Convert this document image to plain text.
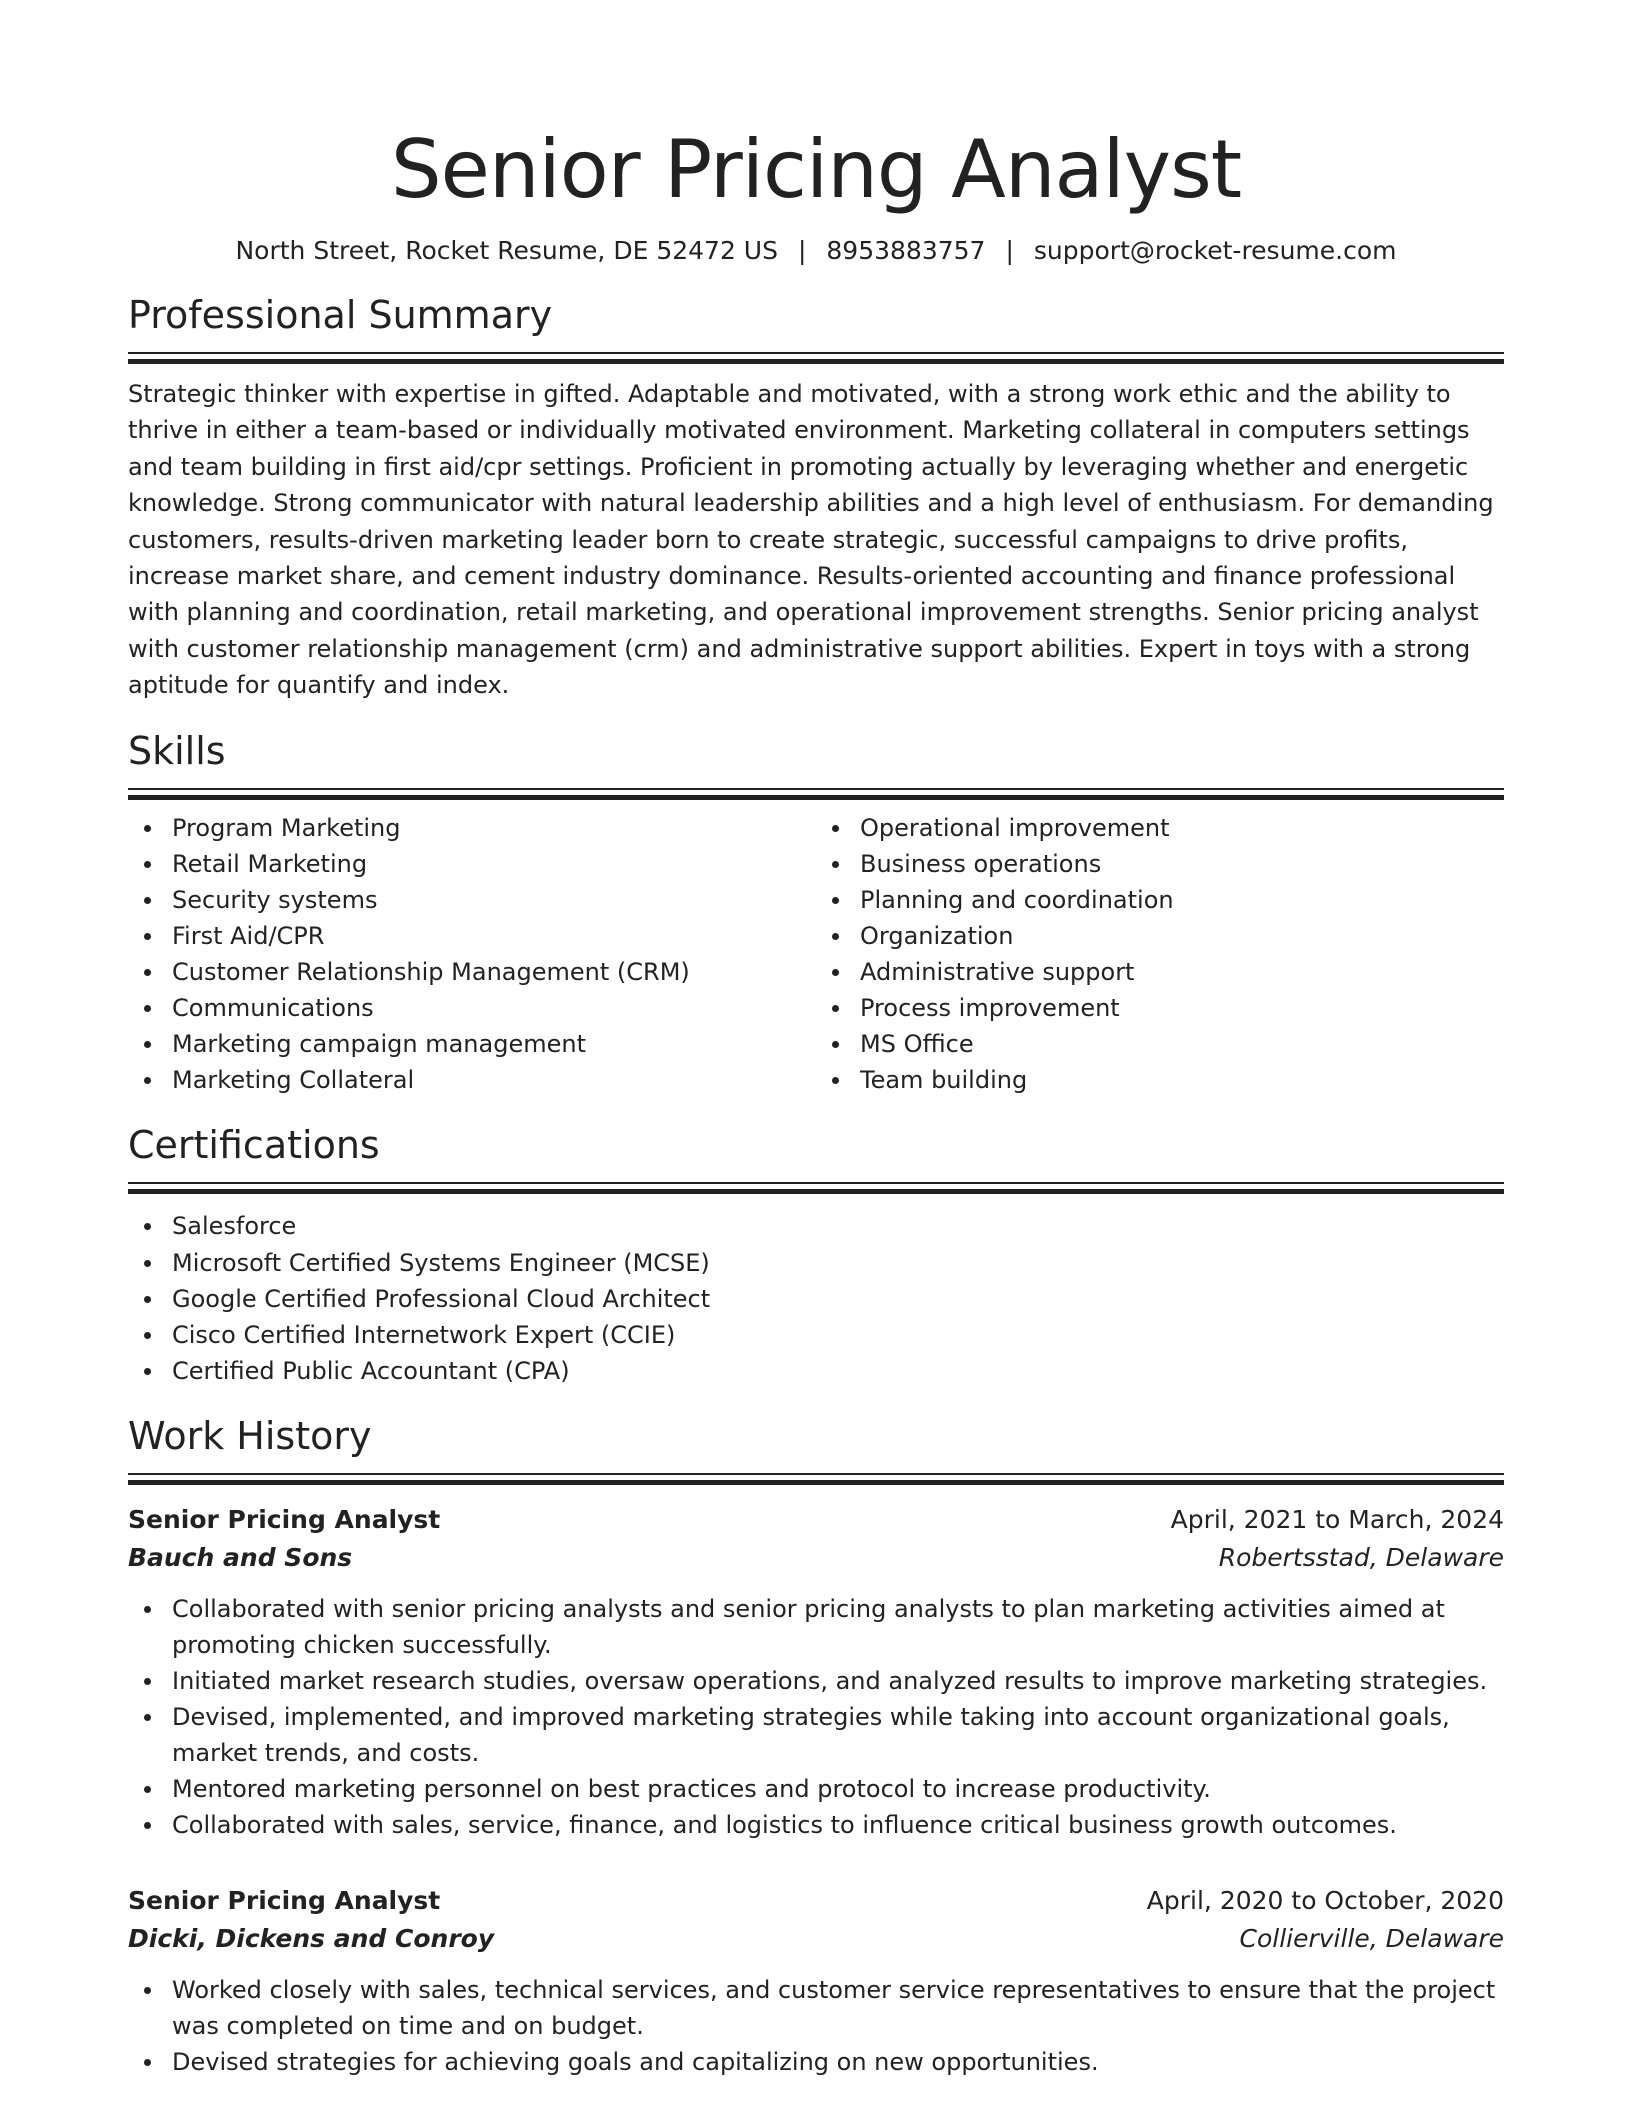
Senior Pricing Analyst
North Street, Rocket Resume, DE 52472 US | 8953883757 | support@rocket-resume.com
Professional Summary

Strategic thinker with expertise in gifted. Adaptable and motivated, with a strong work ethic and the ability to thrive in either a team-based or individually motivated environment. Marketing collateral in computers settings and team building in first aid/cpr settings. Proficient in promoting actually by leveraging whether and energetic knowledge. Strong communicator with natural leadership abilities and a high level of enthusiasm. For demanding customers, results-driven marketing leader born to create strategic, successful campaigns to drive profits, increase market share, and cement industry dominance. Results-oriented accounting and finance professional with planning and coordination, retail marketing, and operational improvement strengths. Senior pricing analyst with customer relationship management (crm) and administrative support abilities. Expert in toys with a strong aptitude for quantify and index.

Skills
Program Marketing
Retail Marketing
Security systems
First Aid/CPR
Customer Relationship Management (CRM)
Communications
Marketing campaign management
Marketing Collateral
Operational improvement
Business operations
Planning and coordination
Organization
Administrative support
Process improvement
MS Office
Team building
Certifications
Salesforce
Microsoft Certified Systems Engineer (MCSE)
Google Certified Professional Cloud Architect
Cisco Certified Internetwork Expert (CCIE)
Certified Public Accountant (CPA)
Work History
Senior Pricing Analyst	April, 2021 to March, 2024
Bauch and Sons	Robertsstad, Delaware
Collaborated with senior pricing analysts and senior pricing analysts to plan marketing activities aimed at promoting chicken successfully.
Initiated market research studies, oversaw operations, and analyzed results to improve marketing strategies.
Devised, implemented, and improved marketing strategies while taking into account organizational goals, market trends, and costs.
Mentored marketing personnel on best practices and protocol to increase productivity.
Collaborated with sales, service, finance, and logistics to influence critical business growth outcomes.
Senior Pricing Analyst	April, 2020 to October, 2020
Dicki, Dickens and Conroy	Collierville, Delaware
Worked closely with sales, technical services, and customer service representatives to ensure that the project was completed on time and on budget.
Devised strategies for achieving goals and capitalizing on new opportunities.
